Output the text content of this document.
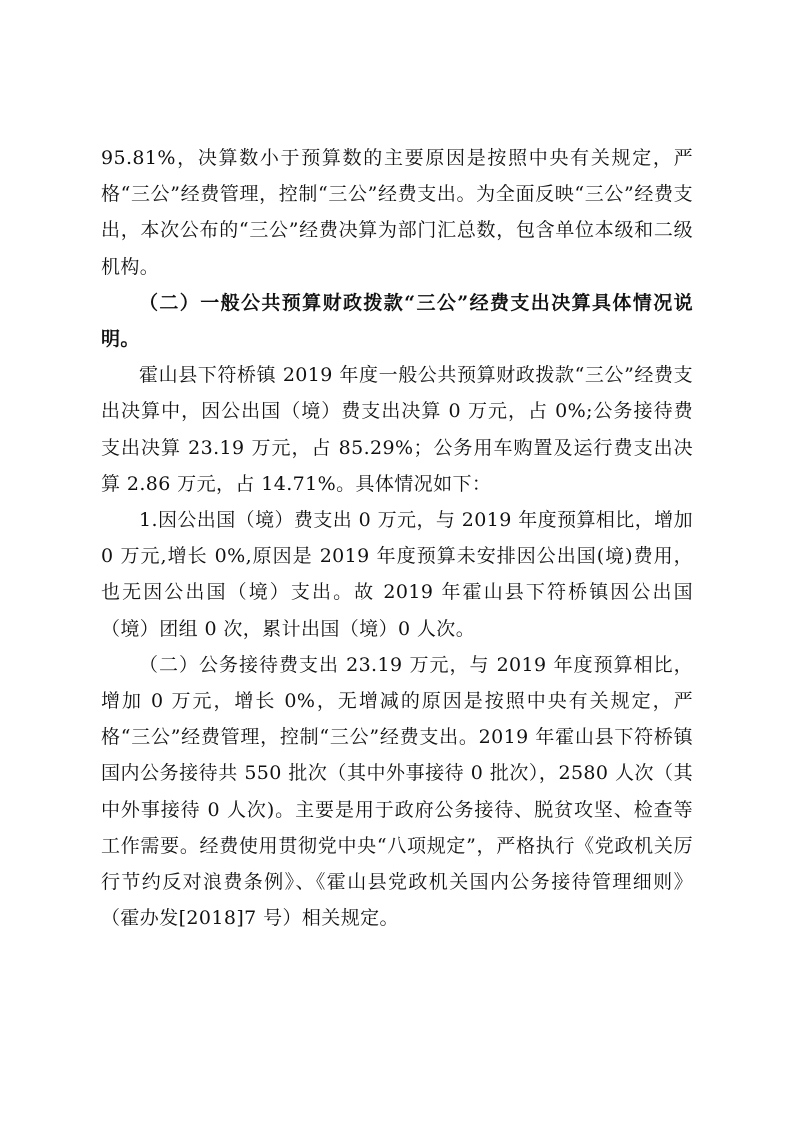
95.81%，决算数小于预算数的主要原因是按照中央有关规定，严格“三公”经费管理，控制“三公”经费支出。为全面反映“三公”经费支出，本次公布的“三公”经费决算为部门汇总数，包含单位本级和二级机构。

（二）一般公共预算财政拨款“三公”经费支出决算具体情况说明。

霍山县下符桥镇 2019 年度一般公共预算财政拨款“三公”经费支出决算中，因公出国（境）费支出决算 0 万元，占 0%;公务接待费支出决算 23.19 万元，占 85.29%；公务用车购置及运行费支出决算 2.86 万元，占 14.71%。具体情况如下：

1.因公出国（境）费支出 0 万元，与 2019 年度预算相比，增加 0 万元,增长 0%,原因是 2019 年度预算未安排因公出国(境)费用，也无因公出国（境）支出。故 2019 年霍山县下符桥镇因公出国（境）团组 0 次，累计出国（境）0 人次。

（二）公务接待费支出 23.19 万元，与 2019 年度预算相比，增加 0 万元，增长 0%，无增减的原因是按照中央有关规定，严格“三公”经费管理，控制“三公”经费支出。2019 年霍山县下符桥镇国内公务接待共 550 批次（其中外事接待 0 批次），2580 人次（其中外事接待 0 人次)。主要是用于政府公务接待、脱贫攻坚、检查等工作需要。经费使用贯彻党中央“八项规定”，严格执行《党政机关厉行节约反对浪费条例》、《霍山县党政机关国内公务接待管理细则》（霍办发[2018]7 号）相关规定。
